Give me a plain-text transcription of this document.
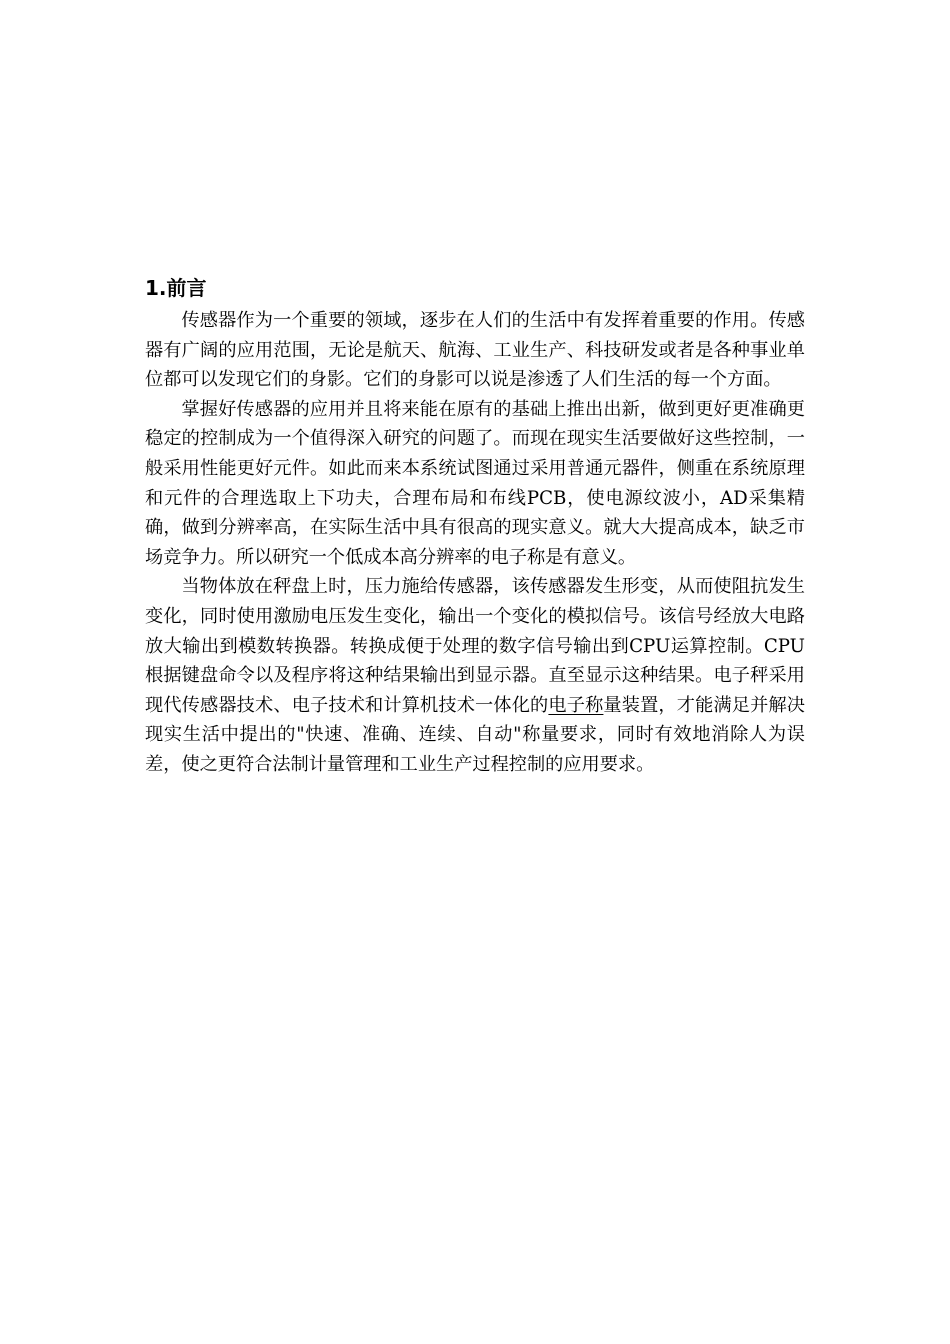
1.前言

传感器作为一个重要的领域，逐步在人们的生活中有发挥着重要的作用。传感器有广阔的应用范围，无论是航天、航海、工业生产、科技研发或者是各种事业单位都可以发现它们的身影。它们的身影可以说是渗透了人们生活的每一个方面。

掌握好传感器的应用并且将来能在原有的基础上推出出新，做到更好更准确更稳定的控制成为一个值得深入研究的问题了。而现在现实生活要做好这些控制，一般采用性能更好元件。如此而来本系统试图通过采用普通元器件，侧重在系统原理和元件的合理选取上下功夫，合理布局和布线PCB，使电源纹波小，AD采集精确，做到分辨率高，在实际生活中具有很高的现实意义。就大大提高成本，缺乏市场竞争力。所以研究一个低成本高分辨率的电子称是有意义。

当物体放在秤盘上时，压力施给传感器，该传感器发生形变，从而使阻抗发生变化，同时使用激励电压发生变化，输出一个变化的模拟信号。该信号经放大电路放大输出到模数转换器。转换成便于处理的数字信号输出到CPU运算控制。CPU根据键盘命令以及程序将这种结果输出到显示器。直至显示这种结果。电子秤采用现代传感器技术、电子技术和计算机技术一体化的电子称量装置，才能满足并解决现实生活中提出的"快速、准确、连续、自动"称量要求，同时有效地消除人为误差，使之更符合法制计量管理和工业生产过程控制的应用要求。
